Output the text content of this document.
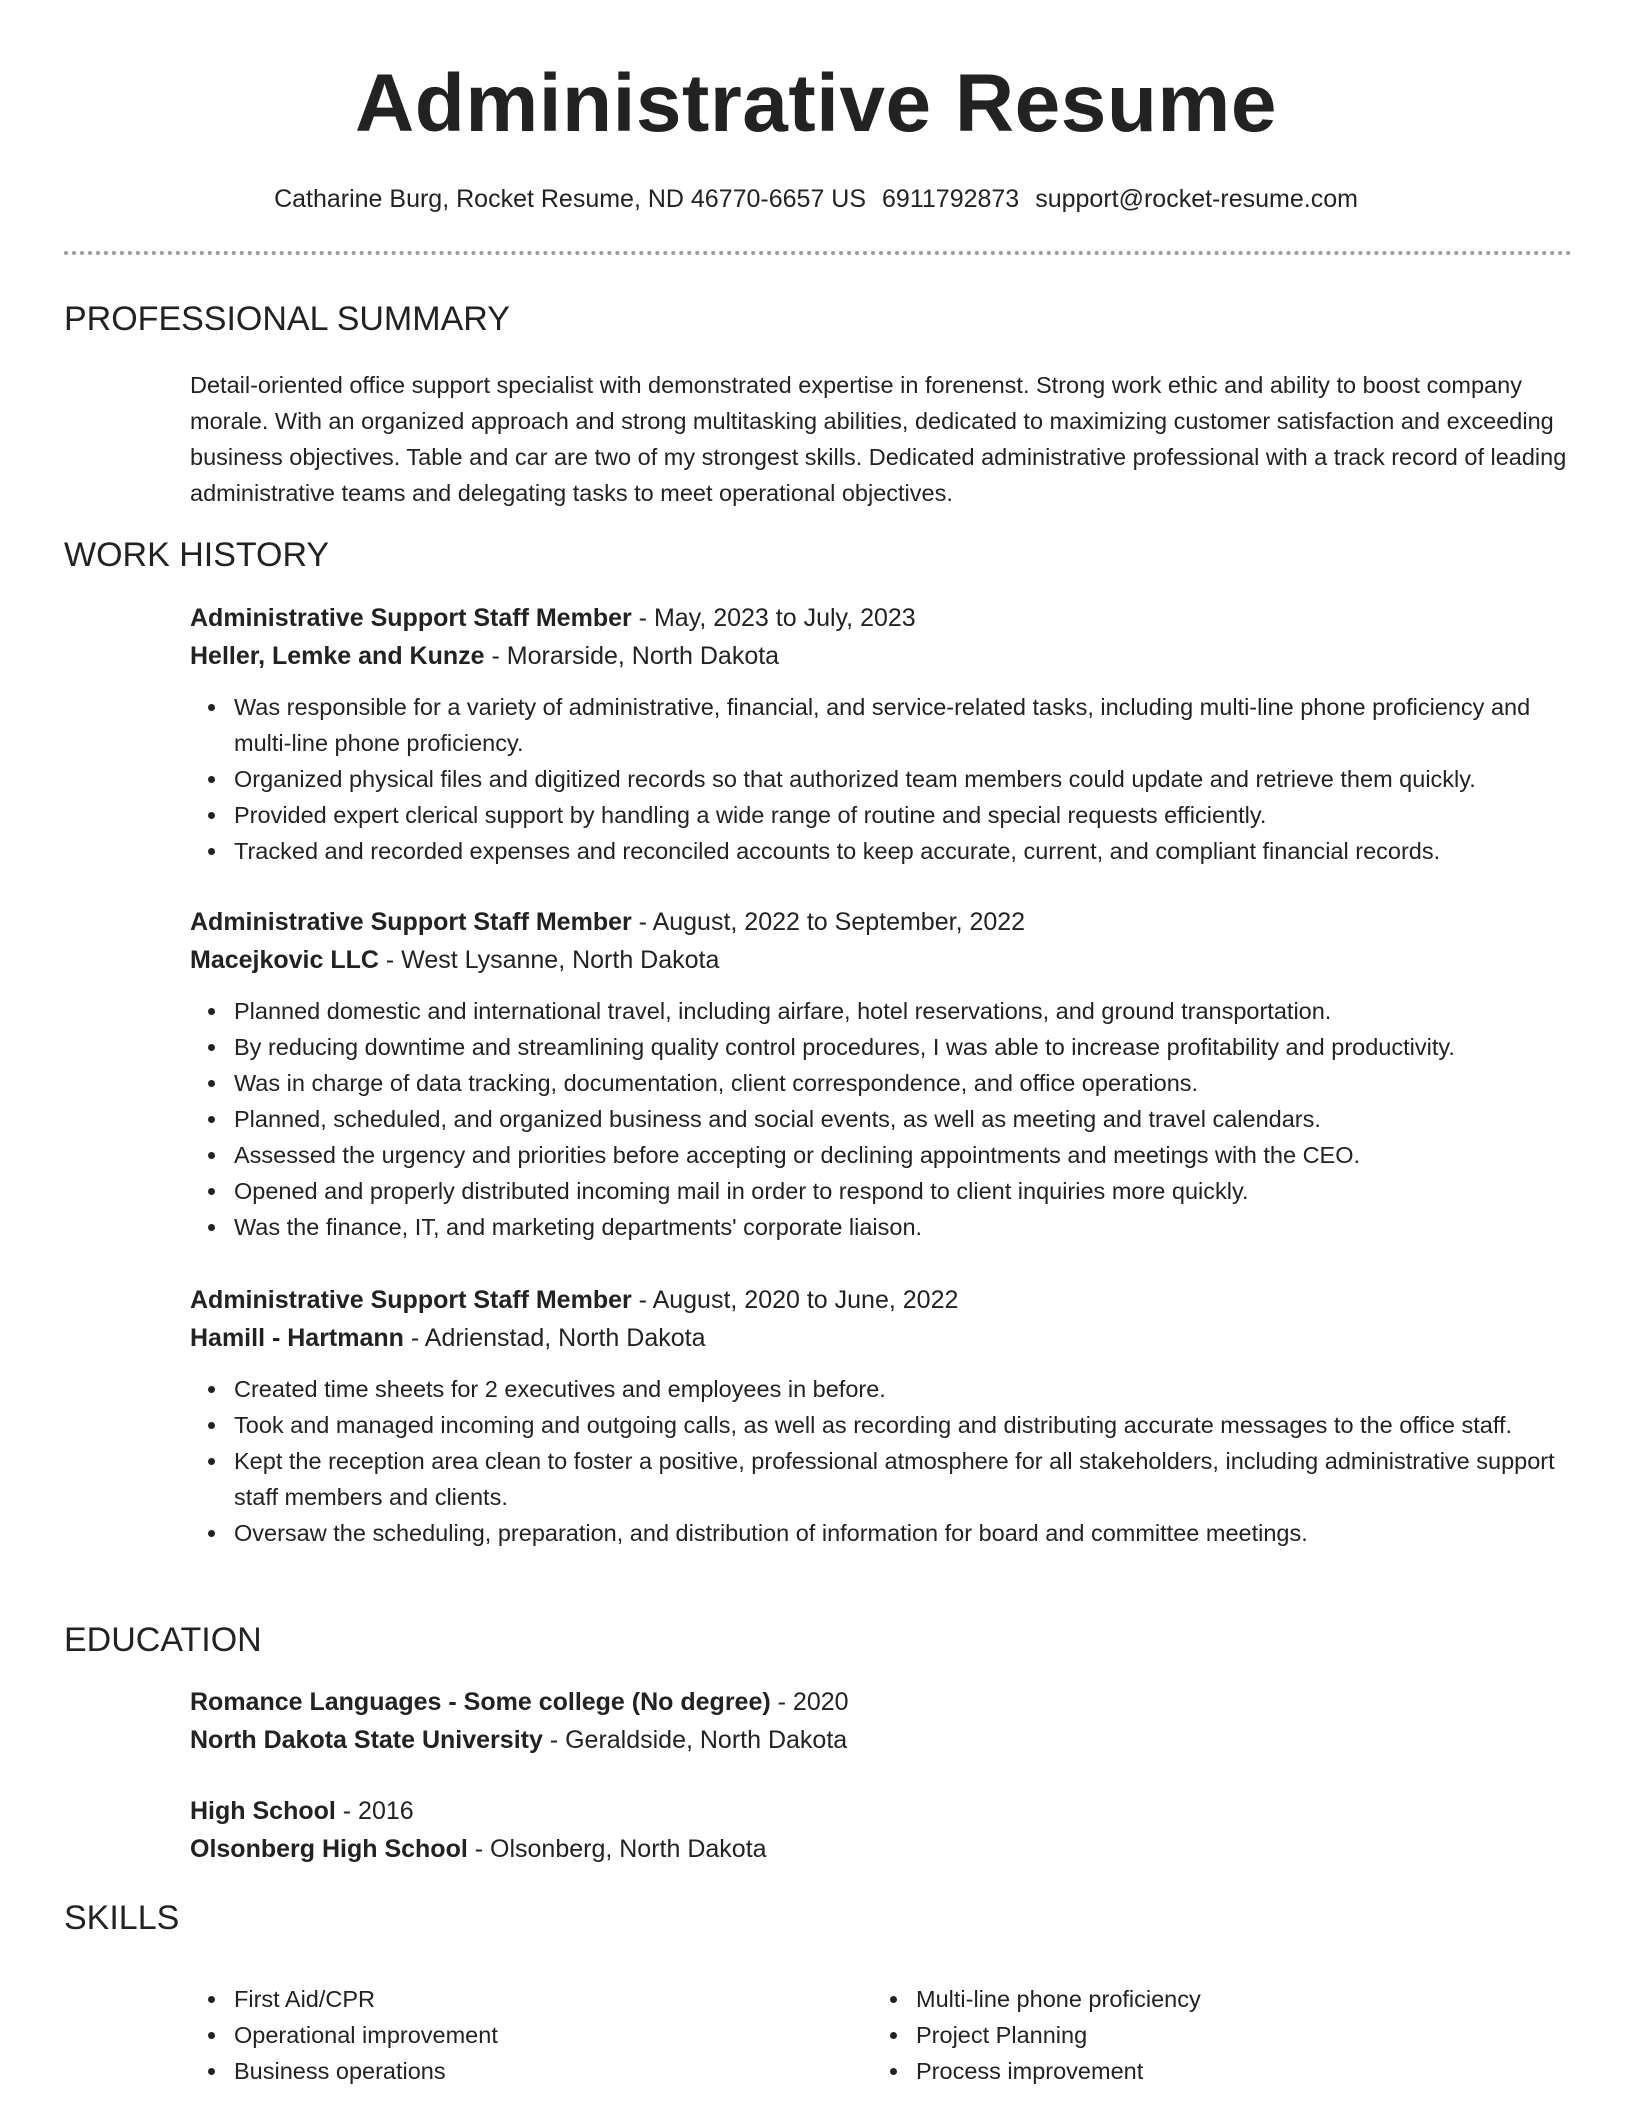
Administrative Resume
Catharine Burg, Rocket Resume, ND 46770-6657 US 6911792873 support@rocket-resume.com
PROFESSIONAL SUMMARY
Detail-oriented office support specialist with demonstrated expertise in forenenst. Strong work ethic and ability to boost company morale. With an organized approach and strong multitasking abilities, dedicated to maximizing customer satisfaction and exceeding business objectives. Table and car are two of my strongest skills. Dedicated administrative professional with a track record of leading administrative teams and delegating tasks to meet operational objectives.
WORK HISTORY
Administrative Support Staff Member - May, 2023 to July, 2023
Heller, Lemke and Kunze - Morarside, North Dakota
Was responsible for a variety of administrative, financial, and service-related tasks, including multi-line phone proficiency and multi-line phone proficiency.
Organized physical files and digitized records so that authorized team members could update and retrieve them quickly.
Provided expert clerical support by handling a wide range of routine and special requests efficiently.
Tracked and recorded expenses and reconciled accounts to keep accurate, current, and compliant financial records.
Administrative Support Staff Member - August, 2022 to September, 2022
Macejkovic LLC - West Lysanne, North Dakota
Planned domestic and international travel, including airfare, hotel reservations, and ground transportation.
By reducing downtime and streamlining quality control procedures, I was able to increase profitability and productivity.
Was in charge of data tracking, documentation, client correspondence, and office operations.
Planned, scheduled, and organized business and social events, as well as meeting and travel calendars.
Assessed the urgency and priorities before accepting or declining appointments and meetings with the CEO.
Opened and properly distributed incoming mail in order to respond to client inquiries more quickly.
Was the finance, IT, and marketing departments' corporate liaison.
Administrative Support Staff Member - August, 2020 to June, 2022
Hamill - Hartmann - Adrienstad, North Dakota
Created time sheets for 2 executives and employees in before.
Took and managed incoming and outgoing calls, as well as recording and distributing accurate messages to the office staff.
Kept the reception area clean to foster a positive, professional atmosphere for all stakeholders, including administrative support staff members and clients.
Oversaw the scheduling, preparation, and distribution of information for board and committee meetings.
EDUCATION
Romance Languages - Some college (No degree) - 2020
North Dakota State University - Geraldside, North Dakota
High School - 2016
Olsonberg High School - Olsonberg, North Dakota
SKILLS
First Aid/CPR
Operational improvement
Business operations
Multi-line phone proficiency
Project Planning
Process improvement
